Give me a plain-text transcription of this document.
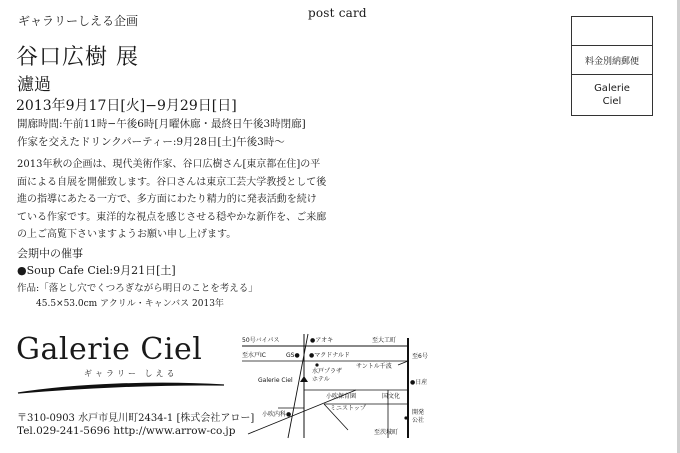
post card
料金別納郵便
Galerie
Ciel
ギャラリーしえる企画
谷口広樹 展
濾過
2013年9月17日[火]−9月29日[日]
開廊時間:午前11時−午後6時[月曜休廊・最終日午後3時閉廊]
作家を交えたドリンクパーティー:9月28日[土]午後3時〜
2013年秋の企画は、現代美術作家、谷口広樹さん[東京都在住]の平
面による自展を開催致します。谷口さんは東京工芸大学教授として後
進の指導にあたる一方で、多方面にわたり精力的に発表活動を続け
ている作家です。東洋的な視点を感じさせる穏やかな新作を、ご来廊
の上ご高覧下さいますようお願い申し上げます。
会期中の催事
●Soup Cafe Ciel:9月21日[土]
作品:「落とし穴でくつろぎながら明日のことを考える」
45.5×53.0cm アクリル・キャンバス 2013年
Galerie Ciel
ギャラリー しえる
〒310-0903 水戸市見川町2434-1 [株式会社アロー]
Tel.029-241-5696 http://www.arrow-co.jp
50号バイパス	●アオキ	至大工町
至水戸IC	GS● ●マクドナルド	至6号
サントル千波
水戸プラザ
ホテル
Galerie Ciel	●日産
小吹保育園
ミニストップ
国文化
小吹内科●	開発
公社
至茨城町
